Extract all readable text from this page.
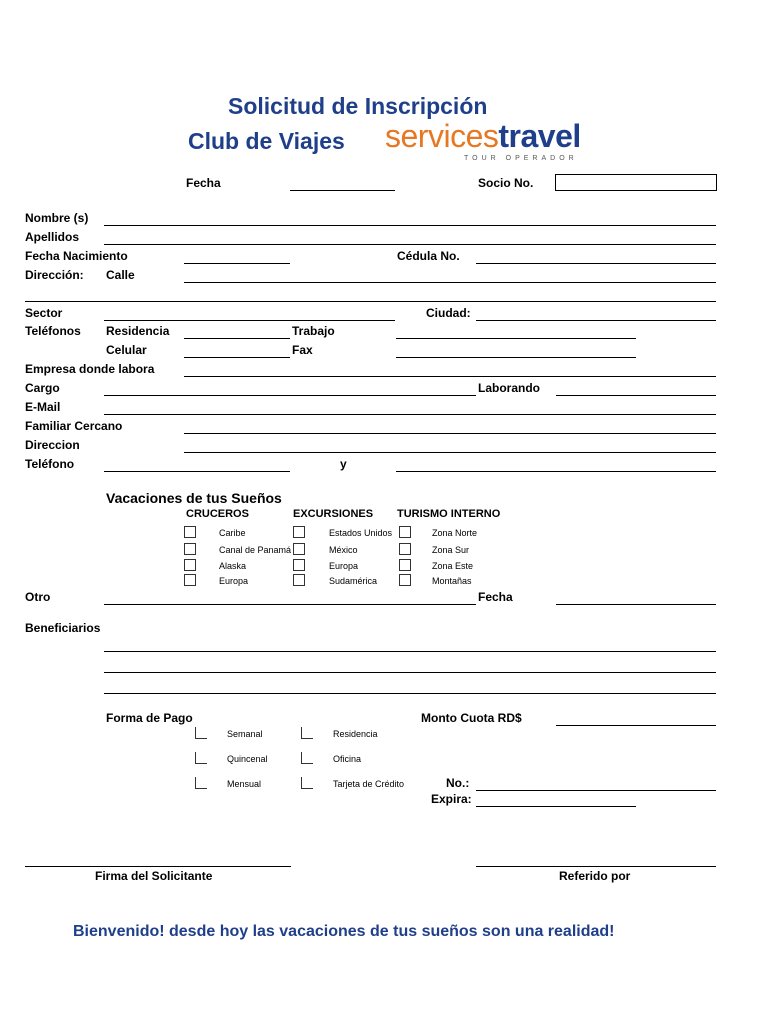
Solicitud de Inscripción
Club de Viajes servicestravel
TOUR OPERADOR
Fecha	Socio No.
Nombre (s)
Apellidos
Fecha Nacimiento	Cédula No.
Dirección: Calle
Sector	Ciudad:
Teléfonos Residencia	Trabajo
Celular	Fax
Empresa donde labora
Cargo	Laborando
E-Mail
Familiar Cercano
Direccion
Teléfono	y
Vacaciones de tus Sueños
CRUCEROS	EXCURSIONES TURISMO INTERNO
Caribe
Canal de Panamá
Alaska
Europa
Estados Unidos
México
Europa
Sudamérica
Zona Norte
Zona Sur
Zona Este
Montañas
Otro	Fecha
Beneficiarios
Forma de Pago	Monto Cuota RD$
Semanal
Quincenal
Mensual
Residencia
Oficina
Tarjeta de Crédito	No.:
Expira:
Firma del Solicitante	Referido por
Bienvenido! desde hoy las vacaciones de tus sueños son una realidad!
